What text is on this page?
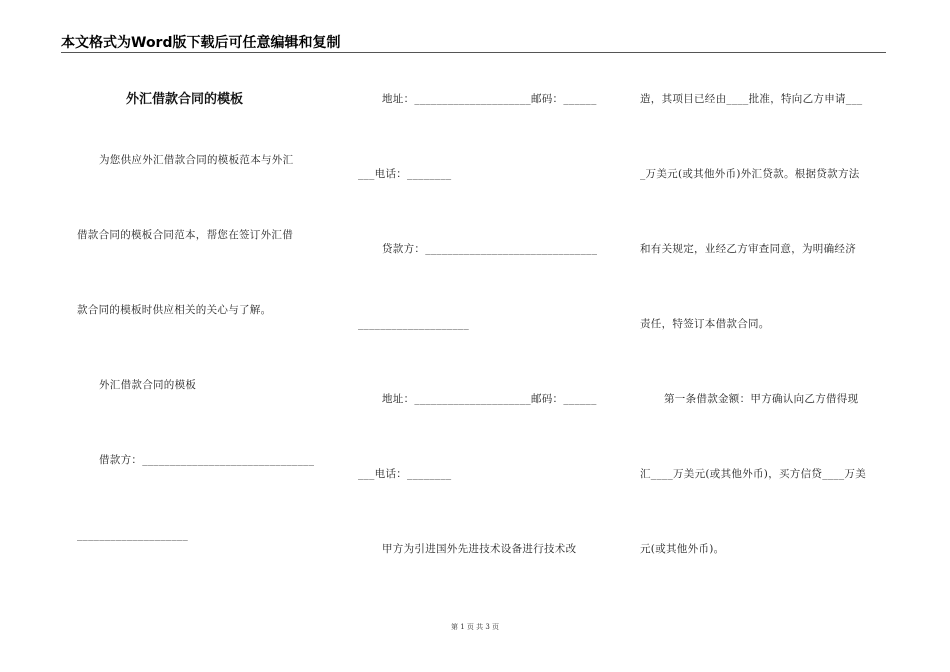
本文格式为Word版下载后可任意编辑和复制
外汇借款合同的模板
为您供应外汇借款合同的模板范本与外汇
借款合同的模板合同范本，帮您在签订外汇借
款合同的模板时供应相关的关心与了解。
外汇借款合同的模板
借款方：_______________________________
____________________
地址：_____________________邮码：______
___电话：________
贷款方：_______________________________
____________________
地址：_____________________邮码：______
___电话：________
甲方为引进国外先进技术设备进行技术改
造，其项目已经由____批准，特向乙方申请___
_万美元(或其他外币)外汇贷款。根据贷款方法
和有关规定，业经乙方审查同意，为明确经济
责任，特签订本借款合同。
第一条借款金额：甲方确认向乙方借得现
汇____万美元(或其他外币)，买方信贷____万美
元(或其他外币)。
第 1 页 共 3 页
